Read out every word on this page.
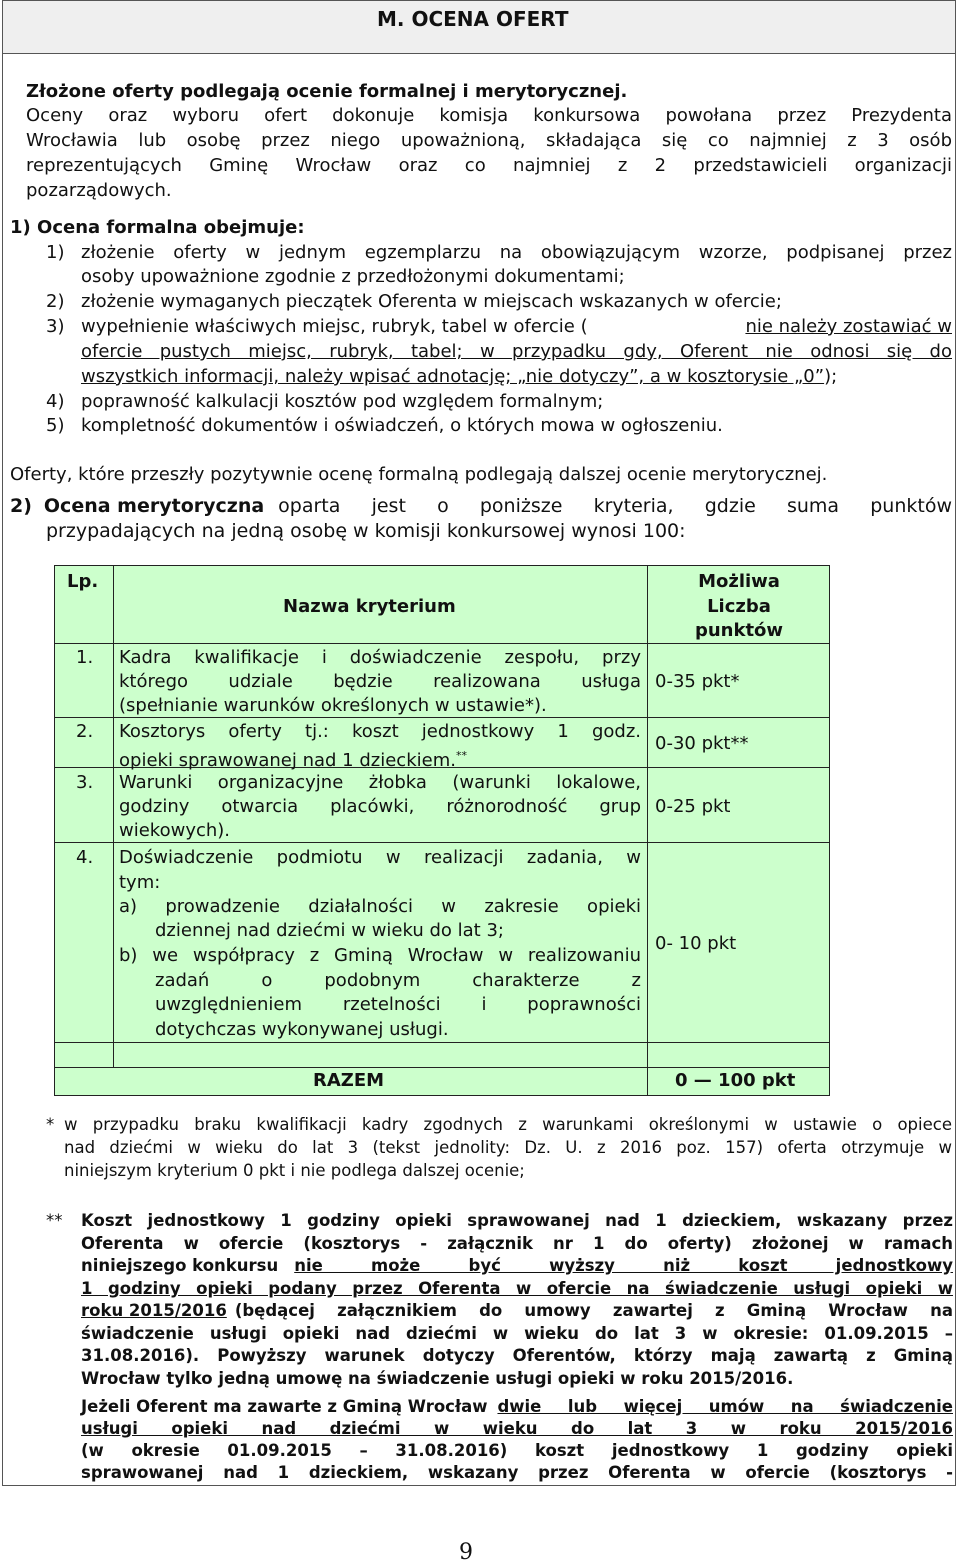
M. OCENA OFERT
Złożone oferty podlegają ocenie formalnej i merytorycznej.
Oceny oraz wyboru ofert dokonuje komisja konkursowa powołana przez Prezydenta
Wrocławia lub osobę przez niego upoważnioną, składająca się co najmniej z 3 osób
reprezentujących Gminę Wrocław oraz co najmniej z 2 przedstawicieli organizacji
pozarządowych.
1) Ocena formalna obejmuje:
1) złożenie oferty w jednym egzemplarzu na obowiązującym wzorze, podpisanej przez
osoby upoważnione zgodnie z przedłożonymi dokumentami;
2) złożenie wymaganych pieczątek Oferenta w miejscach wskazanych w ofercie;
3) wypełnienie właściwych miejsc, rubryk, tabel w ofercie (	nie należy zostawiać w
ofercie pustych miejsc, rubryk, tabel; w przypadku gdy, Oferent nie odnosi się do
wszystkich informacji, należy wpisać adnotację; „nie dotyczy”, a w kosztorysie „0”);
4) poprawność kalkulacji kosztów pod względem formalnym;
5) kompletność dokumentów i oświadczeń, o których mowa w ogłoszeniu.
Oferty, które przeszły pozytywnie ocenę formalną podlegają dalszej ocenie merytorycznej.
2) Ocena merytoryczna oparta jest o poniższe kryteria, gdzie suma punktów
przypadających na jedną osobę w komisji konkursowej wynosi 100:
Lp.
Nazwa kryterium
Możliwa
Liczba
punktów
1. Kadra kwalifikacje i doświadczenie zespołu, przy
którego udziale będzie realizowana usługa
(spełnianie warunków określonych w ustawie*).
0-35 pkt*
2. Kosztorys oferty tj.: koszt jednostkowy 1 godz.
opieki sprawowanej nad 1 dzieckiem.**
0-30 pkt**
3. Warunki organizacyjne żłobka (warunki lokalowe,
godziny otwarcia placówki, różnorodność grup
wiekowych).
0-25 pkt
4. Doświadczenie podmiotu w realizacji zadania, w
tym:
a) prowadzenie działalności w zakresie opieki
dziennej nad dziećmi w wieku do lat 3;
b) we współpracy z Gminą Wrocław w realizowaniu
zadań o podobnym charakterze z
uwzględnieniem rzetelności i poprawności
dotychczas wykonywanej usługi.
0- 10 pkt
RAZEM	0 — 100 pkt
* w przypadku braku kwalifikacji kadry zgodnych z warunkami określonymi w ustawie o opiece
nad dziećmi w wieku do lat 3 (tekst jednolity: Dz. U. z 2016 poz. 157) oferta otrzymuje w
niniejszym kryterium 0 pkt i nie podlega dalszej ocenie;
** Koszt jednostkowy 1 godziny opieki sprawowanej nad 1 dzieckiem, wskazany przez
Oferenta w ofercie (kosztorys - załącznik nr 1 do oferty) złożonej w ramach
niniejszego konkursu nie może być wyższy niż koszt jednostkowy
1 godziny opieki podany przez Oferenta w ofercie na świadczenie usługi opieki w
roku 2015/2016 (będącej załącznikiem do umowy zawartej z Gminą Wrocław na
świadczenie usługi opieki nad dziećmi w wieku do lat 3 w okresie: 01.09.2015 –
31.08.2016). Powyższy warunek dotyczy Oferentów, którzy mają zawartą z Gminą
Wrocław tylko jedną umowę na świadczenie usługi opieki w roku 2015/2016.
Jeżeli Oferent ma zawarte z Gminą Wrocław dwie lub więcej umów na świadczenie
usługi opieki nad dziećmi w wieku do lat 3 w roku 2015/2016
(w okresie 01.09.2015 – 31.08.2016) koszt jednostkowy 1 godziny opieki
sprawowanej nad 1 dzieckiem, wskazany przez Oferenta w ofercie (kosztorys -
9
